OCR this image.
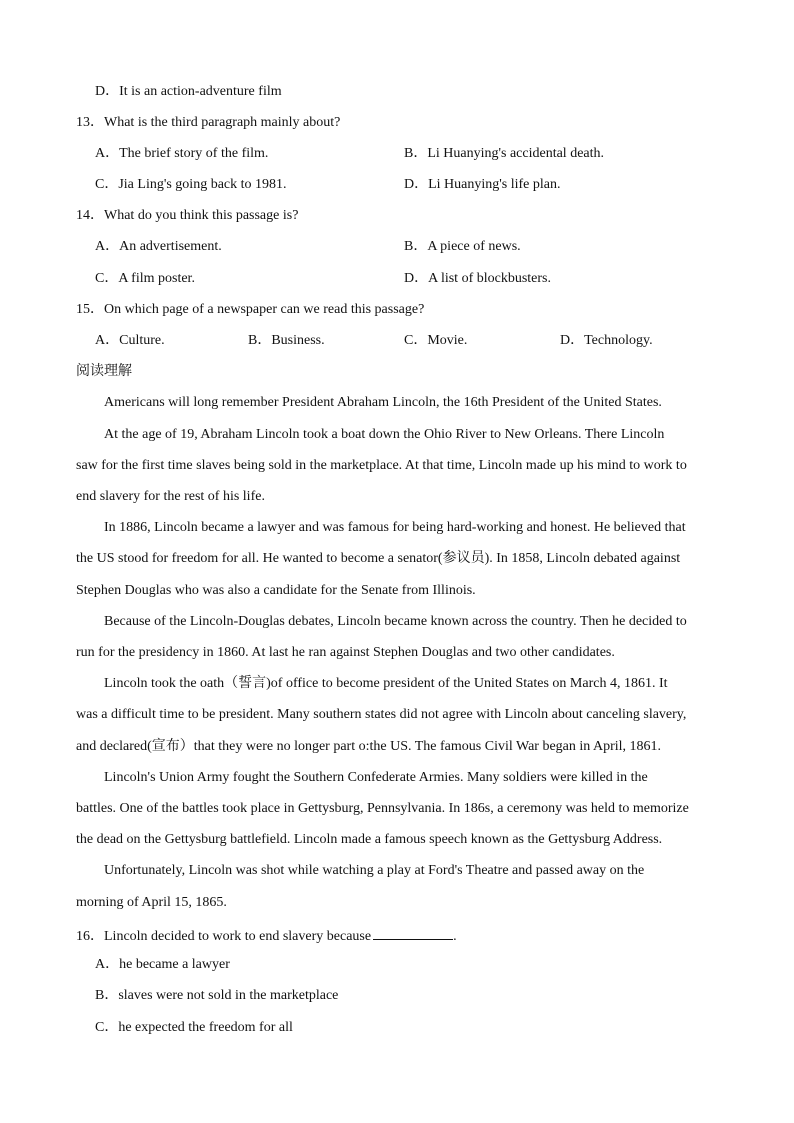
D．It is an action-adventure film
13．What is the third paragraph mainly about?
A．The brief story of the film.	B．Li Huanying's accidental death.
C．Jia Ling's going back to 1981.	D．Li Huanying's life plan.
14．What do you think this passage is?
A．An advertisement.	B．A piece of news.
C．A film poster.	D．A list of blockbusters.
15．On which page of a newspaper can we read this passage?
A．Culture.	B．Business.	C．Movie.	D．Technology.
阅读理解
Americans will long remember President Abraham Lincoln, the 16th President of the United States.
At the age of 19, Abraham Lincoln took a boat down the Ohio River to New Orleans. There Lincoln
saw for the first time slaves being sold in the marketplace. At that time, Lincoln made up his mind to work to
end slavery for the rest of his life.
In 1886, Lincoln became a lawyer and was famous for being hard-working and honest. He believed that
the US stood for freedom for all. He wanted to become a senator(参议员). In 1858, Lincoln debated against
Stephen Douglas who was also a candidate for the Senate from Illinois.
Because of the Lincoln-Douglas debates, Lincoln became known across the country. Then he decided to
run for the presidency in 1860. At last he ran against Stephen Douglas and two other candidates.
Lincoln took the oath（誓言)of office to become president of the United States on March 4, 1861. It
was a difficult time to be president. Many southern states did not agree with Lincoln about canceling slavery,
and declared(宣布）that they were no longer part o:the US. The famous Civil War began in April, 1861.
Lincoln's Union Army fought the Southern Confederate Armies. Many soldiers were killed in the
battles. One of the battles took place in Gettysburg, Pennsylvania. In 186s, a ceremony was held to memorize
the dead on the Gettysburg battlefield. Lincoln made a famous speech known as the Gettysburg Address.
Unfortunately, Lincoln was shot while watching a play at Ford's Theatre and passed away on the
morning of April 15, 1865.
16．Lincoln decided to work to end slavery because	.
A．he became a lawyer
B．slaves were not sold in the marketplace
C．he expected the freedom for all
